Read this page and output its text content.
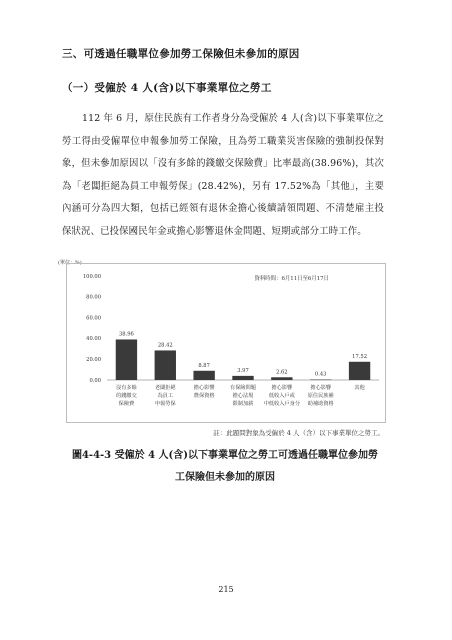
三、可透過任職單位參加勞工保險但未參加的原因
（一）受僱於 4 人(含)以下事業單位之勞工
112 年 6 月，原住民族有工作者身分為受僱於 4 人(含)以下事業單位之勞工得由受僱單位申報參加勞工保險，且為勞工職業災害保險的強制投保對象，但未參加原因以「沒有多餘的錢繳交保險費」比率最高(38.96%)，其次為「老闆拒絕為員工申報勞保」(28.42%)，另有 17.52%為「其他」，主要內涵可分為四大類，包括已經領有退休金擔心後續請領問題、不清楚雇主投保狀況、已投保國民年金或擔心影響退休金問題、短期或部分工時工作。
(單位：%)
100.00
80.00
60.00
40.00
20.00
0.00
資料時間：6月11日至6月17日
38.96
沒有多餘
的錢繳交
保險費
28.42
老闆拒絕
為員工
申報勞保
8.87
擔心影響
農保資格
3.97
有保險問題
擔心法規
限制加薪
2.62
擔心影響
低收入戶或
中低收入戶身分
0.43
擔心影響
原住民族補
助補助資格
17.52
其他
註：此題問對象為受僱於 4 人（含）以下事業單位之勞工。
圖4-4-3 受僱於 4 人(含)以下事業單位之勞工可透過任職單位參加勞
工保險但未參加的原因
215
